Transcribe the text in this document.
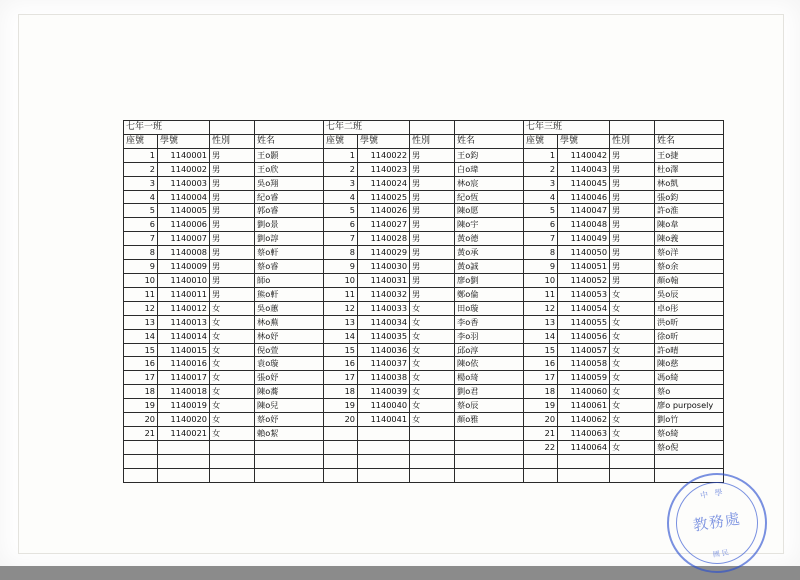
七年一班				七年二班				七年三班			
座號	學號	性別	姓名	座號	學號	性別	姓名	座號	學號	性別	姓名
1	1140001	男	王o顥	1	1140022	男	王o鈞	1	1140042	男	王o捷
2	1140002	男	王o欣	2	1140023	男	白o瑋	2	1140043	男	杜o澤
3	1140003	男	吳o翔	3	1140024	男	林o宸	3	1140045	男	林o凱
4	1140004	男	紀o睿	4	1140025	男	紀o恆	4	1140046	男	張o鈞
5	1140005	男	郭o睿	5	1140026	男	陳o愿	5	1140047	男	許o淮
6	1140006	男	劉o景	6	1140027	男	陳o宇	6	1140048	男	陳o韋
7	1140007	男	劉o諄	7	1140028	男	黃o德	7	1140049	男	陳o義
8	1140008	男	蔡o軒	8	1140029	男	黃o承	8	1140050	男	蔡o洋
9	1140009	男	蔡o睿	9	1140030	男	黃o誠	9	1140051	男	蔡o余
10	1140010	男	師o	10	1140031	男	廖o劉	10	1140052	男	顏o翰
11	1140011	男	熊o軒	11	1140032	男	鄭o倫	11	1140053	女	吳o辰
12	1140012	女	吳o蕙	12	1140033	女	田o璇	12	1140054	女	卓o彤
13	1140013	女	林o蕪	13	1140034	女	李o香	13	1140055	女	洪o昕
14	1140014	女	林o妤	14	1140035	女	李o羽	14	1140056	女	徐o昕
15	1140015	女	倪o萱	15	1140036	女	邱o淳	15	1140057	女	許o晴
16	1140016	女	袁o璇	16	1140037	女	陳o依	16	1140058	女	陳o慈
17	1140017	女	張o妤	17	1140038	女	楊o琦	17	1140059	女	馮o綺
18	1140018	女	陳o蕎	18	1140039	女	劉o君	18	1140060	女	蔡o
19	1140019	女	陳o兒	19	1140040	女	蔡o辰	19	1140061	女	廖o purposely
20	1140020	女	蔡o妤	20	1140041	女	顏o雅	20	1140062	女	劉o竹
21	1140021	女	賴o絜					21	1140063	女	蔡o綺
								22	1140064	女	蔡o倪

中 學
教務處
國民
